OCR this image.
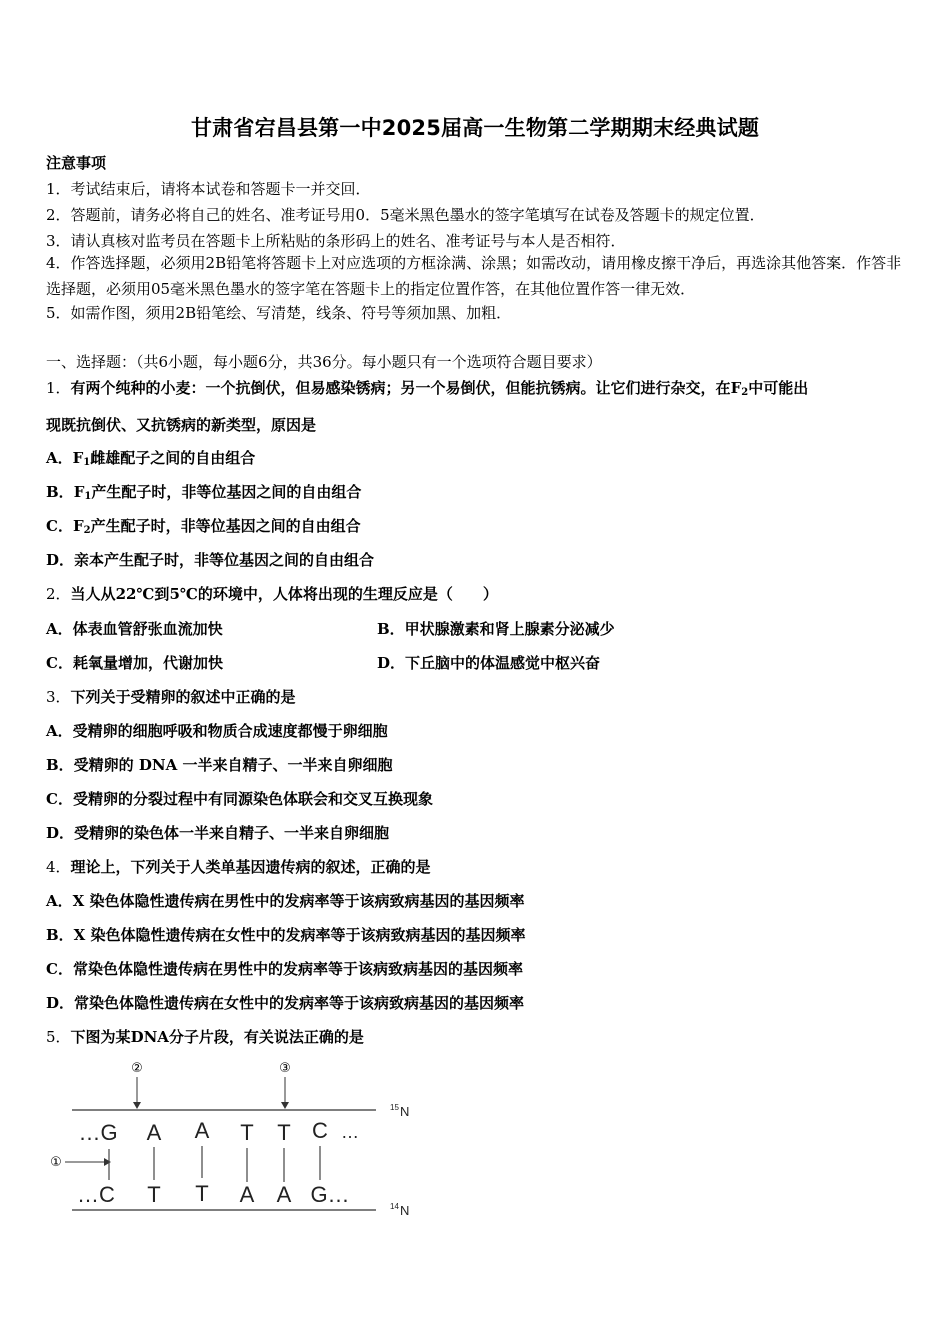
甘肃省宕昌县第一中2025届高一生物第二学期期末经典试题
注意事项
1．考试结束后，请将本试卷和答题卡一并交回．
2．答题前，请务必将自己的姓名、准考证号用0．5毫米黑色墨水的签字笔填写在试卷及答题卡的规定位置．
3．请认真核对监考员在答题卡上所粘贴的条形码上的姓名、准考证号与本人是否相符．
4．作答选择题，必须用2B铅笔将答题卡上对应选项的方框涂满、涂黑；如需改动，请用橡皮擦干净后，再选涂其他答案．作答非选择题，必须用05毫米黑色墨水的签字笔在答题卡上的指定位置作答，在其他位置作答一律无效．
5．如需作图，须用2B铅笔绘、写清楚，线条、符号等须加黑、加粗．
一、选择题：（共6小题，每小题6分，共36分。每小题只有一个选项符合题目要求）
1．有两个纯种的小麦：一个抗倒伏，但易感染锈病；另一个易倒伏，但能抗锈病。让它们进行杂交，在$F_2$中可能出
现既抗倒伏、又抗锈病的新类型，原因是
A．$F_1$雌雄配子之间的自由组合
B．$F_1$产生配子时，非等位基因之间的自由组合
C．$F_2$产生配子时，非等位基因之间的自由组合
D．亲本产生配子时，非等位基因之间的自由组合
2．当人从22℃到5℃的环境中，人体将出现的生理反应是（　　）
A．体表血管舒张血流加快	B．甲状腺激素和肾上腺素分泌减少
C．耗氧量增加，代谢加快	D．下丘脑中的体温感觉中枢兴奋
3．下列关于受精卵的叙述中正确的是
A．受精卵的细胞呼吸和物质合成速度都慢于卵细胞
B．受精卵的 DNA 一半来自精子、一半来自卵细胞
C．受精卵的分裂过程中有同源染色体联会和交叉互换现象
D．受精卵的染色体一半来自精子、一半来自卵细胞
4．理论上，下列关于人类单基因遗传病的叙述，正确的是
A．X 染色体隐性遗传病在男性中的发病率等于该病致病基因的基因频率
B．X 染色体隐性遗传病在女性中的发病率等于该病致病基因的基因频率
C．常染色体隐性遗传病在男性中的发病率等于该病致病基因的基因频率
D．常染色体隐性遗传病在女性中的发病率等于该病致病基因的基因频率
5．下图为某DNA分子片段，有关说法正确的是
②	③
①
…G A A T T C …
…C T T A A G…
15 N
14 N
